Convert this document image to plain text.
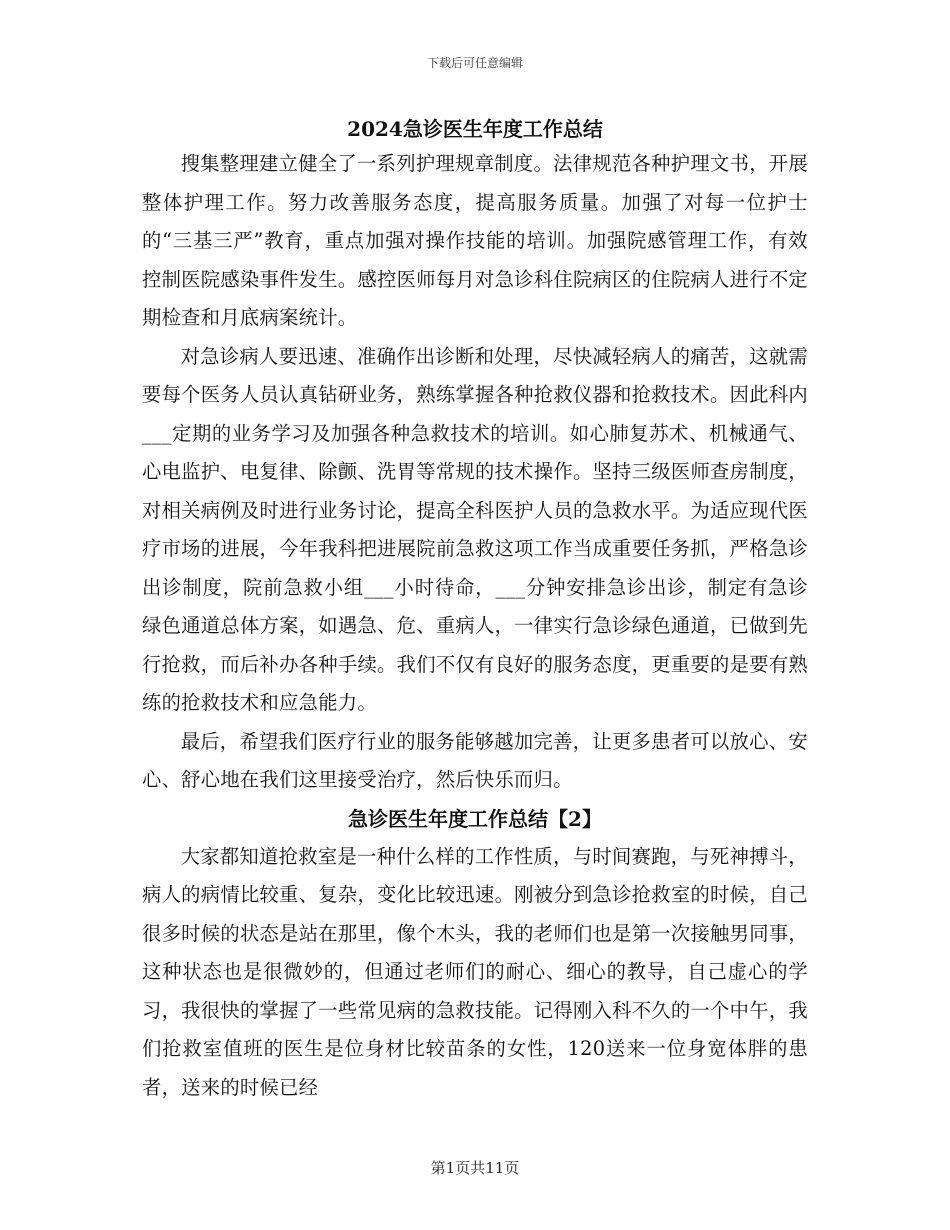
下载后可任意编辑

2024急诊医生年度工作总结

搜集整理建立健全了一系列护理规章制度。法律规范各种护理文书，开展整体护理工作。努力改善服务态度，提高服务质量。加强了对每一位护士的“三基三严”教育，重点加强对操作技能的培训。加强院感管理工作，有效控制医院感染事件发生。感控医师每月对急诊科住院病区的住院病人进行不定期检查和月底病案统计。

对急诊病人要迅速、准确作出诊断和处理，尽快减轻病人的痛苦，这就需要每个医务人员认真钻研业务，熟练掌握各种抢救仪器和抢救技术。因此科内___定期的业务学习及加强各种急救技术的培训。如心肺复苏术、机械通气、心电监护、电复律、除颤、洗胃等常规的技术操作。坚持三级医师查房制度，对相关病例及时进行业务讨论，提高全科医护人员的急救水平。为适应现代医疗市场的进展，今年我科把进展院前急救这项工作当成重要任务抓，严格急诊出诊制度，院前急救小组___小时待命，___分钟安排急诊出诊，制定有急诊绿色通道总体方案，如遇急、危、重病人，一律实行急诊绿色通道，已做到先行抢救，而后补办各种手续。我们不仅有良好的服务态度，更重要的是要有熟练的抢救技术和应急能力。

最后，希望我们医疗行业的服务能够越加完善，让更多患者可以放心、安心、舒心地在我们这里接受治疗，然后快乐而归。

急诊医生年度工作总结【2】

大家都知道抢救室是一种什么样的工作性质，与时间赛跑，与死神搏斗，病人的病情比较重、复杂，变化比较迅速。刚被分到急诊抢救室的时候，自己很多时候的状态是站在那里，像个木头，我的老师们也是第一次接触男同事，这种状态也是很微妙的，但通过老师们的耐心、细心的教导，自己虚心的学习，我很快的掌握了一些常见病的急救技能。记得刚入科不久的一个中午，我们抢救室值班的医生是位身材比较苗条的女性，120送来一位身宽体胖的患者，送来的时候已经

第1页共11页
